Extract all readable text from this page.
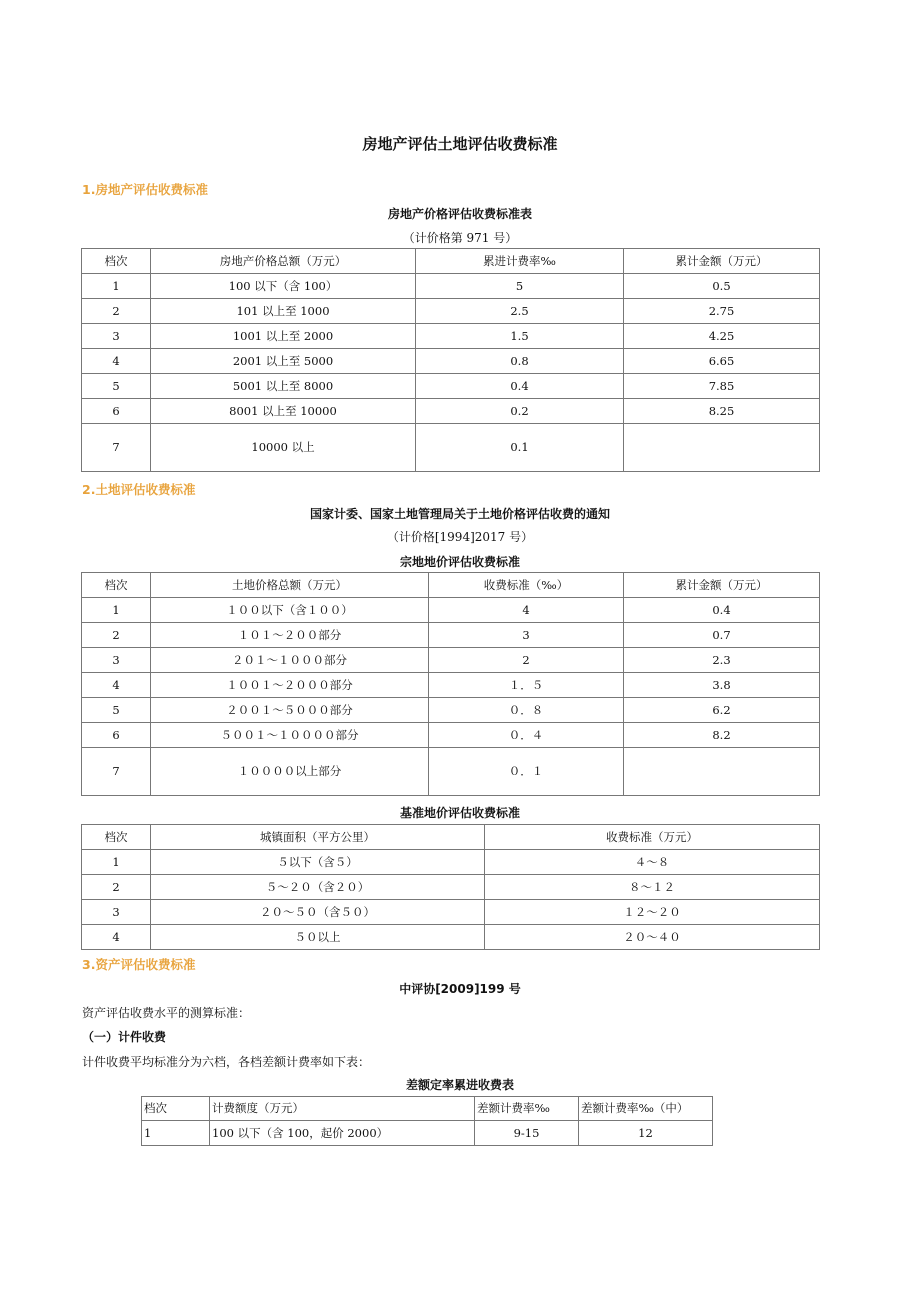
房地产评估土地评估收费标准
1.房地产评估收费标准
房地产价格评估收费标准表
（计价格第 971 号）
档次	房地产价格总额（万元）	累进计费率‰	累计金额（万元）
1	100 以下（含 100）	5	0.5
2	101 以上至 1000	2.5	2.75
3	1001 以上至 2000	1.5	4.25
4	2001 以上至 5000	0.8	6.65
5	5001 以上至 8000	0.4	7.85
6	8001 以上至 10000	0.2	8.25
7	10000 以上	0.1	
2.土地评估收费标准
国家计委、国家土地管理局关于土地价格评估收费的通知
（计价格[1994]2017 号）
宗地地价评估收费标准
档次	土地价格总额（万元）	收费标准（‰）	累计金额（万元）
1	１００以下（含１００）	4	0.4
2	１０１～２００部分	3	0.7
3	２０１～１０００部分	2	2.3
4	１００１～２０００部分	１．５	3.8
5	２００１～５０００部分	０．８	6.2
6	５００１～１００００部分	０．４	8.2
7	１００００以上部分	０．１	
基准地价评估收费标准
档次	城镇面积（平方公里）	收费标准（万元）
1	５以下（含５）	４～８
2	５～２０（含２０）	８～１２
3	２０～５０（含５０）	１２～２０
4	５０以上	２０～４０
3.资产评估收费标准
中评协[2009]199 号
资产评估收费水平的测算标准：
（一）计件收费
计件收费平均标准分为六档，各档差额计费率如下表：
差额定率累进收费表
档次	计费额度（万元）	差额计费率‰	差额计费率‰（中）
1	100 以下（含 100，起价 2000）	9-15	12
